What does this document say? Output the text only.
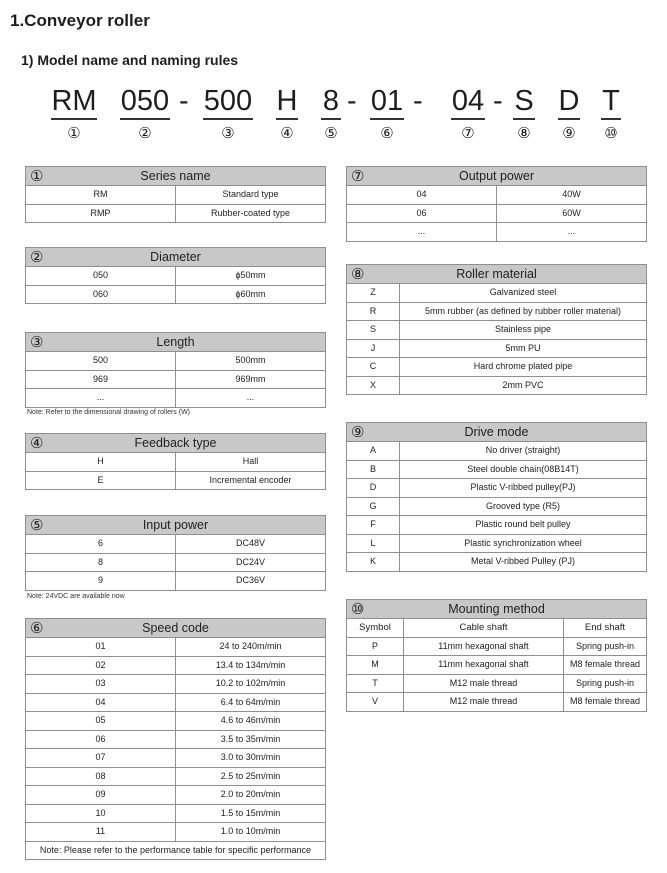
1.Conveyor roller
1) Model name and naming rules
RM 050 - 500 H 8 - 01 - 04 - S D T
①	②	③	④	⑤	⑥	⑦	⑧	⑨	⑩
① Series name	
RM	Standard type
RMP	Rubber-coated type
② Diameter	
050	ϕ50mm
060	ϕ60mm
③ Length	
500	500mm
969	969mm
...	...
Note: Refer to the dimensional drawing of rollers (W)
④ Feedback type	
H	Hall
E	Incremental encoder
⑤ Input power	
6	DC48V
8	DC24V
9	DC36V
Note: 24VDC are available now
⑥ Speed code	
01	24 to 240m/min
02	13.4 to 134m/min
03	10.2 to 102m/min
04	6.4 to 64m/min
05	4.6 to 46m/min
06	3.5 to 35m/min
07	3.0 to 30m/min
08	2.5 to 25m/min
09	2.0 to 20m/min
10	1.5 to 15m/min
11	1.0 to 10m/min
Note: Please refer to the performance table for specific performance	
⑦ Output power	
04	40W
06	60W
...	...
⑧ Roller material	
Z	Galvanized steel
R	5mm rubber (as defined by rubber roller material)
S	Stainless pipe
J	5mm PU
C	Hard chrome plated pipe
X	2mm PVC
⑨ Drive mode	
A	No driver (straight)
B	Steel double chain(08B14T)
D	Plastic V-ribbed pulley(PJ)
G	Grooved type (R5)
F	Plastic round belt pulley
L	Plastic synchronization wheel
K	Metal V-ribbed Pulley (PJ)
⑩ Mounting method		
Symbol	Cable shaft	End shaft
P	11mm hexagonal shaft	Spring push-in
M	11mm hexagonal shaft	M8 female thread
T	M12 male thread	Spring push-in
V	M12 male thread	M8 female thread
